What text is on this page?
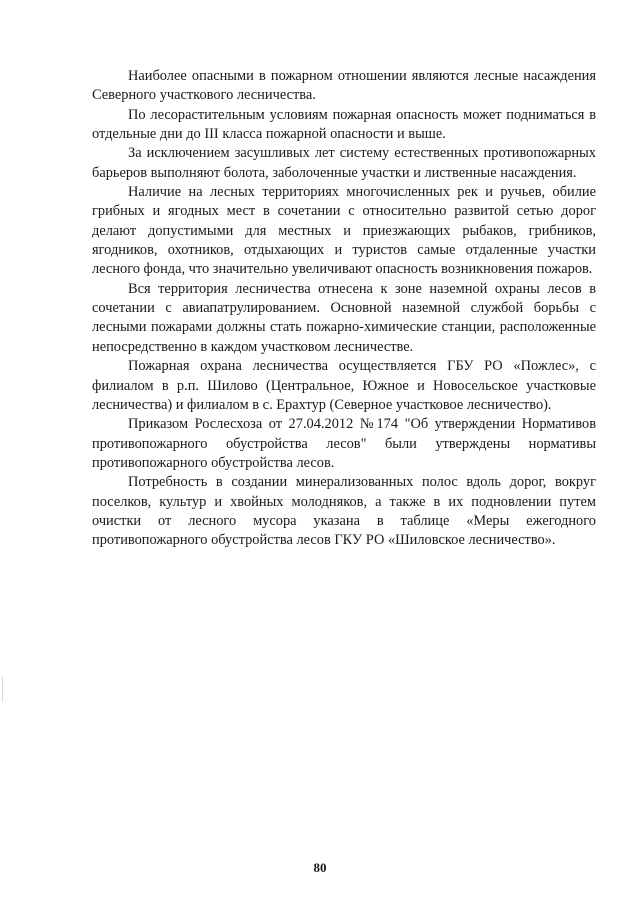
Наиболее опасными в пожарном отношении являются лесные насаждения Северного участкового лесничества.

По лесорастительным условиям пожарная опасность может подниматься в отдельные дни до III класса пожарной опасности и выше.

За исключением засушливых лет систему естественных противопожарных барьеров выполняют болота, заболоченные участки и лиственные насаждения.

Наличие на лесных территориях многочисленных рек и ручьев, обилие грибных и ягодных мест в сочетании с относительно развитой сетью дорог делают допустимыми для местных и приезжающих рыбаков, грибников, ягодников, охотников, отдыхающих и туристов самые отдаленные участки лесного фонда, что значительно увеличивают опасность возникновения пожаров.

Вся территория лесничества отнесена к зоне наземной охраны лесов в сочетании с авиапатрулированием. Основной наземной службой борьбы с лесными пожарами должны стать пожарно-химические станции, расположенные непосредственно в каждом участковом лесничестве.

Пожарная охрана лесничества осуществляется ГБУ РО «Пожлес», с филиалом в р.п. Шилово (Центральное, Южное и Новосельское участковые лесничества) и филиалом в с. Ерахтур (Северное участковое лесничество).

Приказом Рослесхоза от 27.04.2012 №174 "Об утверждении Нормативов противопожарного обустройства лесов" были утверждены нормативы противопожарного обустройства лесов.

Потребность в создании минерализованных полос вдоль дорог, вокруг поселков, культур и хвойных молодняков, а также в их подновлении путем очистки от лесного мусора указана в таблице «Меры ежегодного противопожарного обустройства лесов ГКУ РО «Шиловское лесничество».

80
